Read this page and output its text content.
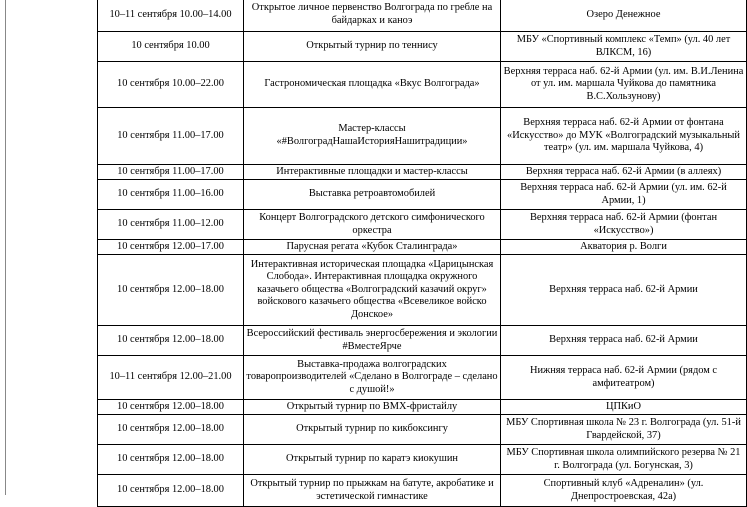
10–11 сентября 10.00–14.00	Открытое личное первенство Волгограда по гребле на байдарках и каноэ	Озеро Денежное
10 сентября 10.00	Открытый турнир по теннису	МБУ «Спортивный комплекс «Темп» (ул. 40 лет ВЛКСМ, 16)
10 сентября 10.00–22.00	Гастрономическая площадка «Вкус Волгограда»	Верхняя терраса наб. 62-й Армии (ул. им. В.И.Ленина от ул. им. маршала Чуйкова до памятника В.С.Хользунову)
10 сентября 11.00–17.00	Мастер-классы «#ВолгоградНашаИсторияНашитрадиции»	Верхняя терраса наб. 62-й Армии от фонтана «Искусство» до МУК «Волгоградский музыкальный театр» (ул. им. маршала Чуйкова, 4)
10 сентября 11.00–17.00	Интерактивные площадки и мастер-классы	Верхняя терраса наб. 62-й Армии (в аллеях)
10 сентября 11.00–16.00	Выставка ретроавтомобилей	Верхняя терраса наб. 62-й Армии (ул. им. 62-й Армии, 1)
10 сентября 11.00–12.00	Концерт Волгоградского детского симфонического оркестра	Верхняя терраса наб. 62-й Армии (фонтан «Искусство»)
10 сентября 12.00–17.00	Парусная регата «Кубок Сталинграда»	Акватория р. Волги
10 сентября 12.00–18.00	Интерактивная историческая площадка «Царицынская Слобода». Интерактивная площадка окружного казачьего общества «Волгоградский казачий округ» войскового казачьего общества «Всевеликое войско Донское»	Верхняя терраса наб. 62-й Армии
10 сентября 12.00–18.00	Всероссийский фестиваль энергосбережения и экологии #ВместеЯрче	Верхняя терраса наб. 62-й Армии
10–11 сентября 12.00–21.00	Выставка-продажа волгоградских товаропроизводителей «Сделано в Волгограде – сделано с душой!»	Нижняя терраса наб. 62-й Армии (рядом с амфитеатром)
10 сентября 12.00–18.00	Открытый турнир по BMX-фристайлу	ЦПКиО
10 сентября 12.00–18.00	Открытый турнир по кикбоксингу	МБУ Спортивная школа № 23 г. Волгограда (ул. 51-й Гвардейской, 37)
10 сентября 12.00–18.00	Открытый турнир по каратэ киокушин	МБУ Спортивная школа олимпийского резерва № 21 г. Волгограда (ул. Богунская, 3)
10 сентября 12.00–18.00	Открытый турнир по прыжкам на батуте, акробатике и эстетической гимнастике	Спортивный клуб «Адреналин» (ул. Днепростроевская, 42а)
